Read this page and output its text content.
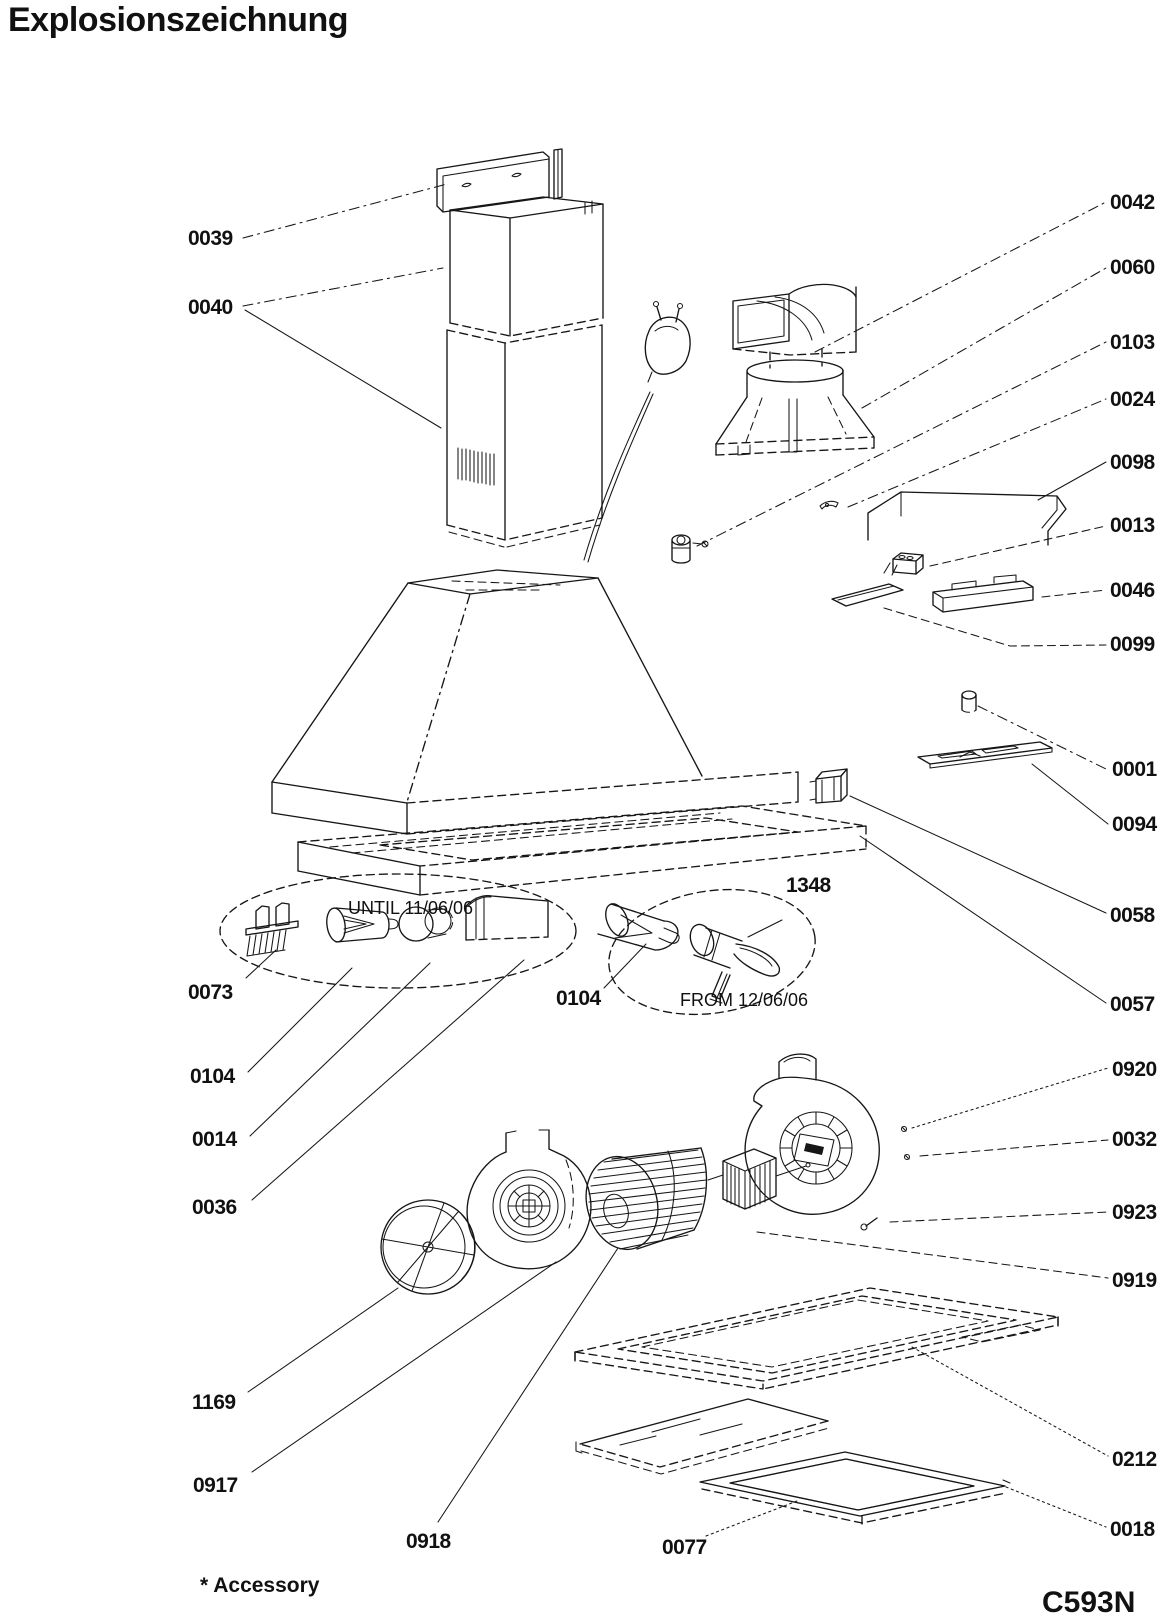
Explosionszeichnung
0039
0040
0042
0060
0103
0024
0098
0013
0046
0099
0001
0094
0058
0057
1348
0073
0104
0104
0014
0036
0920
0032
0923
0919
1169
0917
0918
0212
0018
0077
UNTIL 11/06/06
FROM 12/06/06
* Accessory
C593N
